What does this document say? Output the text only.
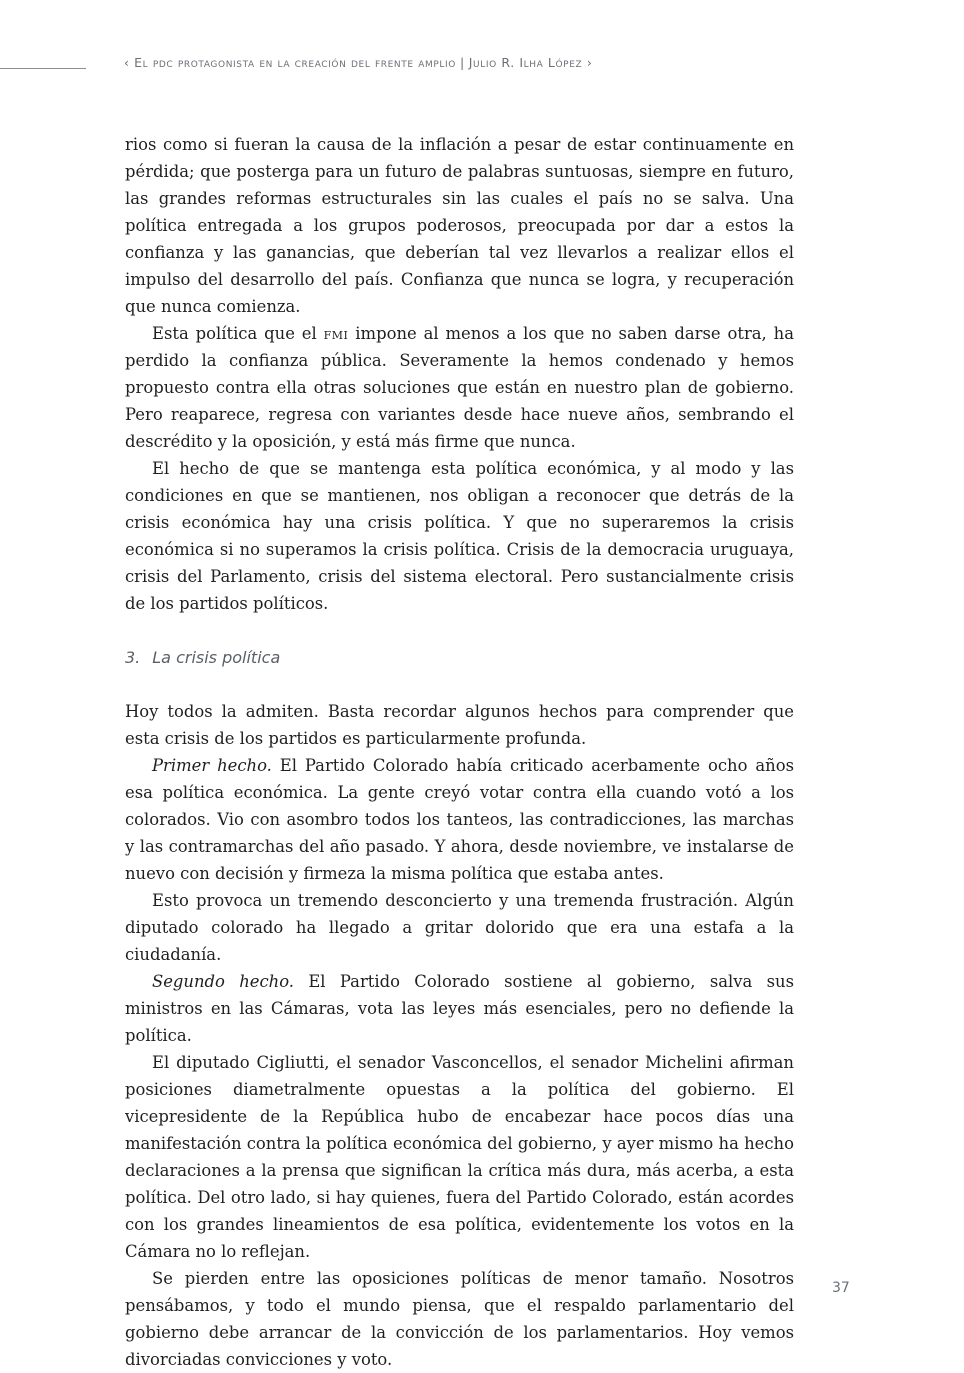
‹ El pdc protagonista en la creación del frente amplio | Julio R. Ilha López ›

rios como si fueran la causa de la inflación a pesar de estar continuamente en pérdida; que posterga para un futuro de palabras suntuosas, siempre en futuro, las grandes reformas estructurales sin las cuales el país no se salva. Una política entregada a los grupos poderosos, preocupada por dar a estos la confianza y las ganancias, que deberían tal vez llevarlos a realizar ellos el impulso del desarrollo del país. Confianza que nunca se logra, y recuperación que nunca comienza.

Esta política que el fmi impone al menos a los que no saben darse otra, ha perdido la confianza pública. Severamente la hemos condenado y hemos propuesto contra ella otras soluciones que están en nuestro plan de gobierno. Pero reaparece, regresa con variantes desde hace nueve años, sembrando el descrédito y la oposición, y está más firme que nunca.

El hecho de que se mantenga esta política económica, y al modo y las condiciones en que se mantienen, nos obligan a reconocer que detrás de la crisis económica hay una crisis política. Y que no superaremos la crisis económica si no superamos la crisis política. Crisis de la democracia uruguaya, crisis del Parlamento, crisis del sistema electoral. Pero sustancialmente crisis de los partidos políticos.

3. La crisis política

Hoy todos la admiten. Basta recordar algunos hechos para comprender que esta crisis de los partidos es particularmente profunda.

Primer hecho. El Partido Colorado había criticado acerbamente ocho años esa política económica. La gente creyó votar contra ella cuando votó a los colorados. Vio con asombro todos los tanteos, las contradicciones, las marchas y las contramarchas del año pasado. Y ahora, desde noviembre, ve instalarse de nuevo con decisión y firmeza la misma política que estaba antes.

Esto provoca un tremendo desconcierto y una tremenda frustración. Algún diputado colorado ha llegado a gritar dolorido que era una estafa a la ciudadanía.

Segundo hecho. El Partido Colorado sostiene al gobierno, salva sus ministros en las Cámaras, vota las leyes más esenciales, pero no defiende la política.

El diputado Cigliutti, el senador Vasconcellos, el senador Michelini afirman posiciones diametralmente opuestas a la política del gobierno. El vicepresidente de la República hubo de encabezar hace pocos días una manifestación contra la política económica del gobierno, y ayer mismo ha hecho declaraciones a la prensa que significan la crítica más dura, más acerba, a esta política. Del otro lado, si hay quienes, fuera del Partido Colorado, están acordes con los grandes lineamientos de esa política, evidentemente los votos en la Cámara no lo reflejan.

Se pierden entre las oposiciones políticas de menor tamaño. Nosotros pensábamos, y todo el mundo piensa, que el respaldo parlamentario del gobierno debe arrancar de la convicción de los parlamentarios. Hoy vemos divorciadas convicciones y voto.

37
